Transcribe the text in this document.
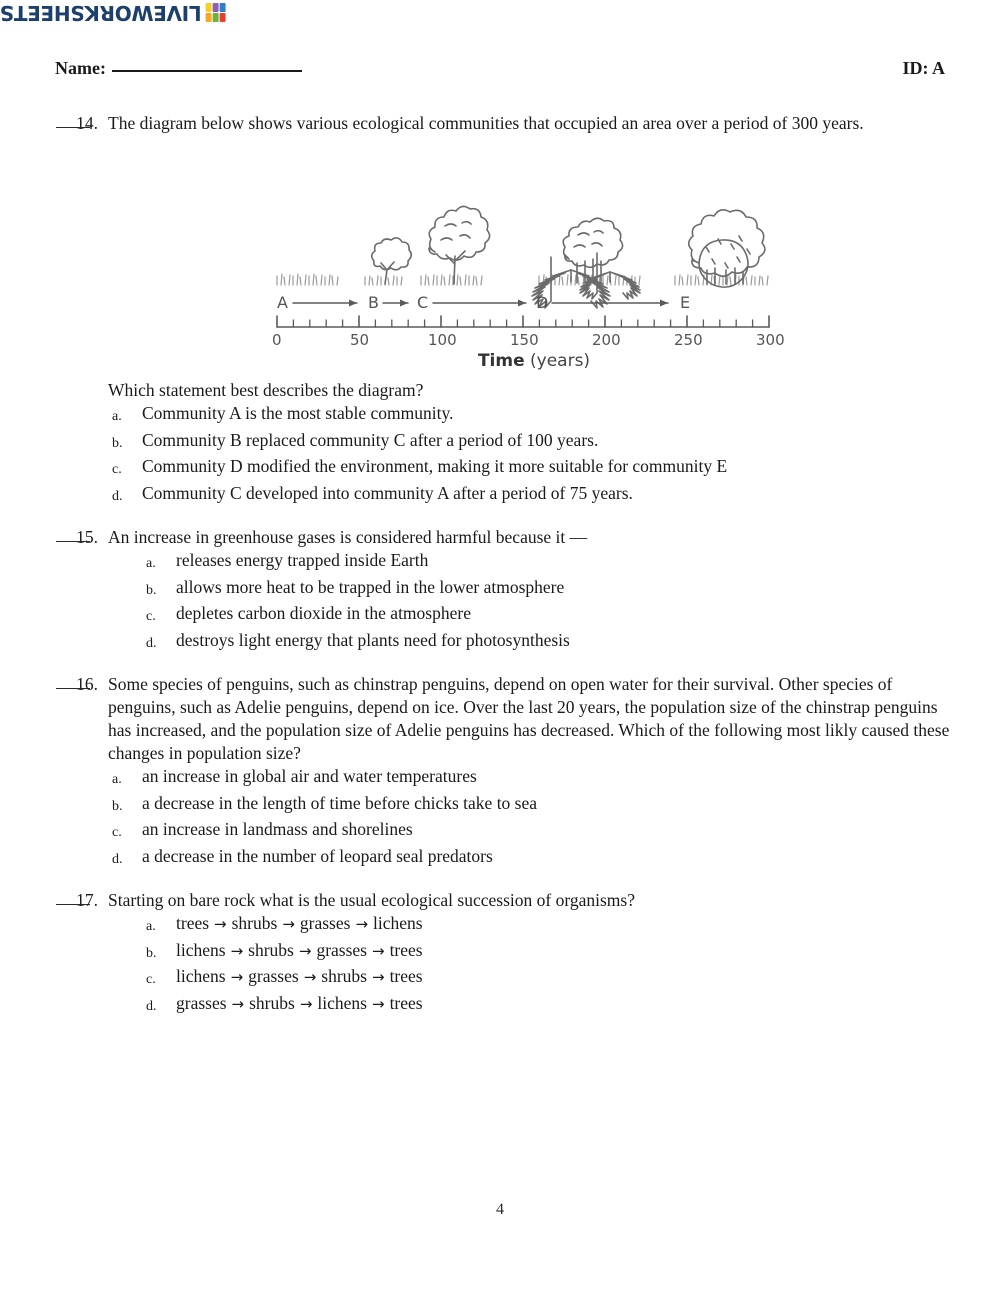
LIVEWORKSHEETS
Name:	ID: A
14. The diagram below shows various ecological communities that occupied an area over a period of 300 years.

A	B C	D	E
0	50	100	150	200	250	300
Time (years)

Which statement best describes the diagram?

a.	Community A is the most stable community.
b.	Community B replaced community C after a period of 100 years.
c.	Community D modified the environment, making it more suitable for community E
d.	Community C developed into community A after a period of 75 years.
15. An increase in greenhouse gases is considered harmful because it —

a.	releases energy trapped inside Earth
b.	allows more heat to be trapped in the lower atmosphere
c.	depletes carbon dioxide in the atmosphere
d.	destroys light energy that plants need for photosynthesis
16. Some species of penguins, such as chinstrap penguins, depend on open water for their survival. Other species of penguins, such as Adelie penguins, depend on ice. Over the last 20 years, the population size of the chinstrap penguins has increased, and the population size of Adelie penguins has decreased. Which of the following most likly caused these changes in population size?

a.	an increase in global air and water temperatures
b.	a decrease in the length of time before chicks take to sea
c.	an increase in landmass and shorelines
d.	a decrease in the number of leopard seal predators
17. Starting on bare rock what is the usual ecological succession of organisms?

a.	trees → shrubs → grasses → lichens
b.	lichens → shrubs → grasses → trees
c.	lichens → grasses → shrubs → trees
d.	grasses → shrubs → lichens → trees
4
